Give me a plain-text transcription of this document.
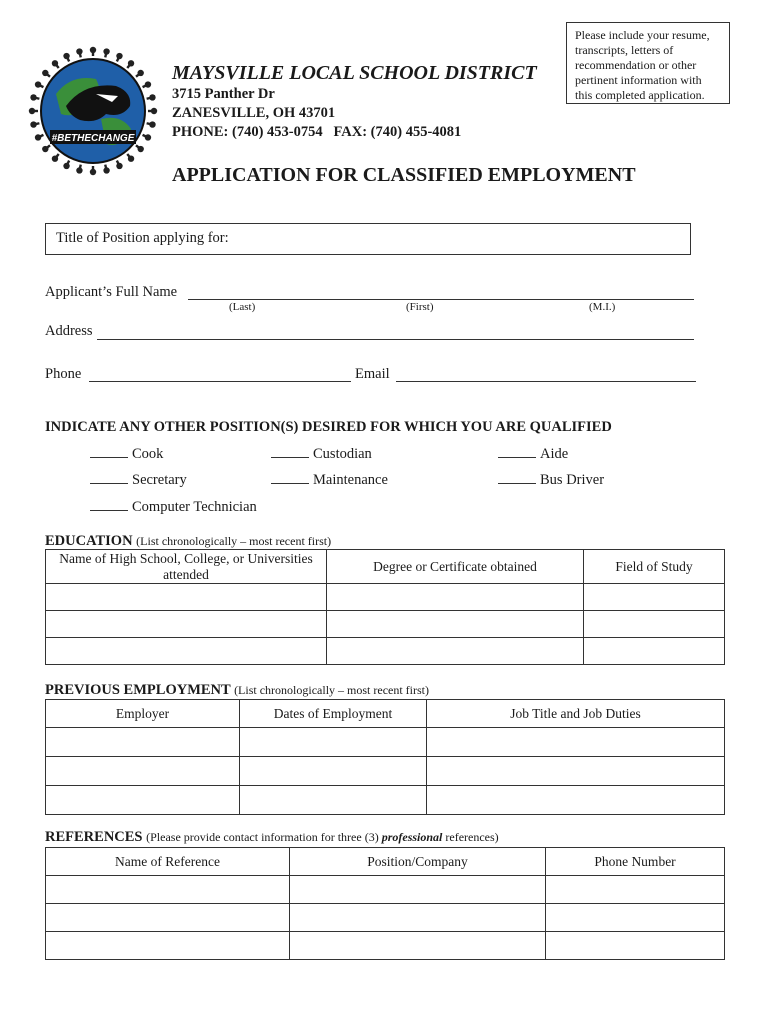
#BETHECHANGE
MAYSVILLE LOCAL SCHOOL DISTRICT
3715 Panther Dr
ZANESVILLE, OH 43701
PHONE: (740) 453-0754   FAX: (740) 455-4081
Please include your resume, transcripts, letters of recommendation or other pertinent information with this completed application.
APPLICATION FOR CLASSIFIED EMPLOYMENT
Title of Position applying for:
Applicant’s Full Name
(Last)	(First)	(M.I.)
Address
Phone	Email
INDICATE ANY OTHER POSITION(S) DESIRED FOR WHICH YOU ARE QUALIFIED
Cook	Custodian	Aide
Secretary	Maintenance	Bus Driver
Computer Technician
EDUCATION (List chronologically – most recent first)
Name of High School, College, or Universities attended	Degree or Certificate obtained	Field of Study

PREVIOUS EMPLOYMENT (List chronologically – most recent first)
Employer	Dates of Employment	Job Title and Job Duties

REFERENCES (Please provide contact information for three (3) professional references)
Name of Reference	Position/Company	Phone Number
